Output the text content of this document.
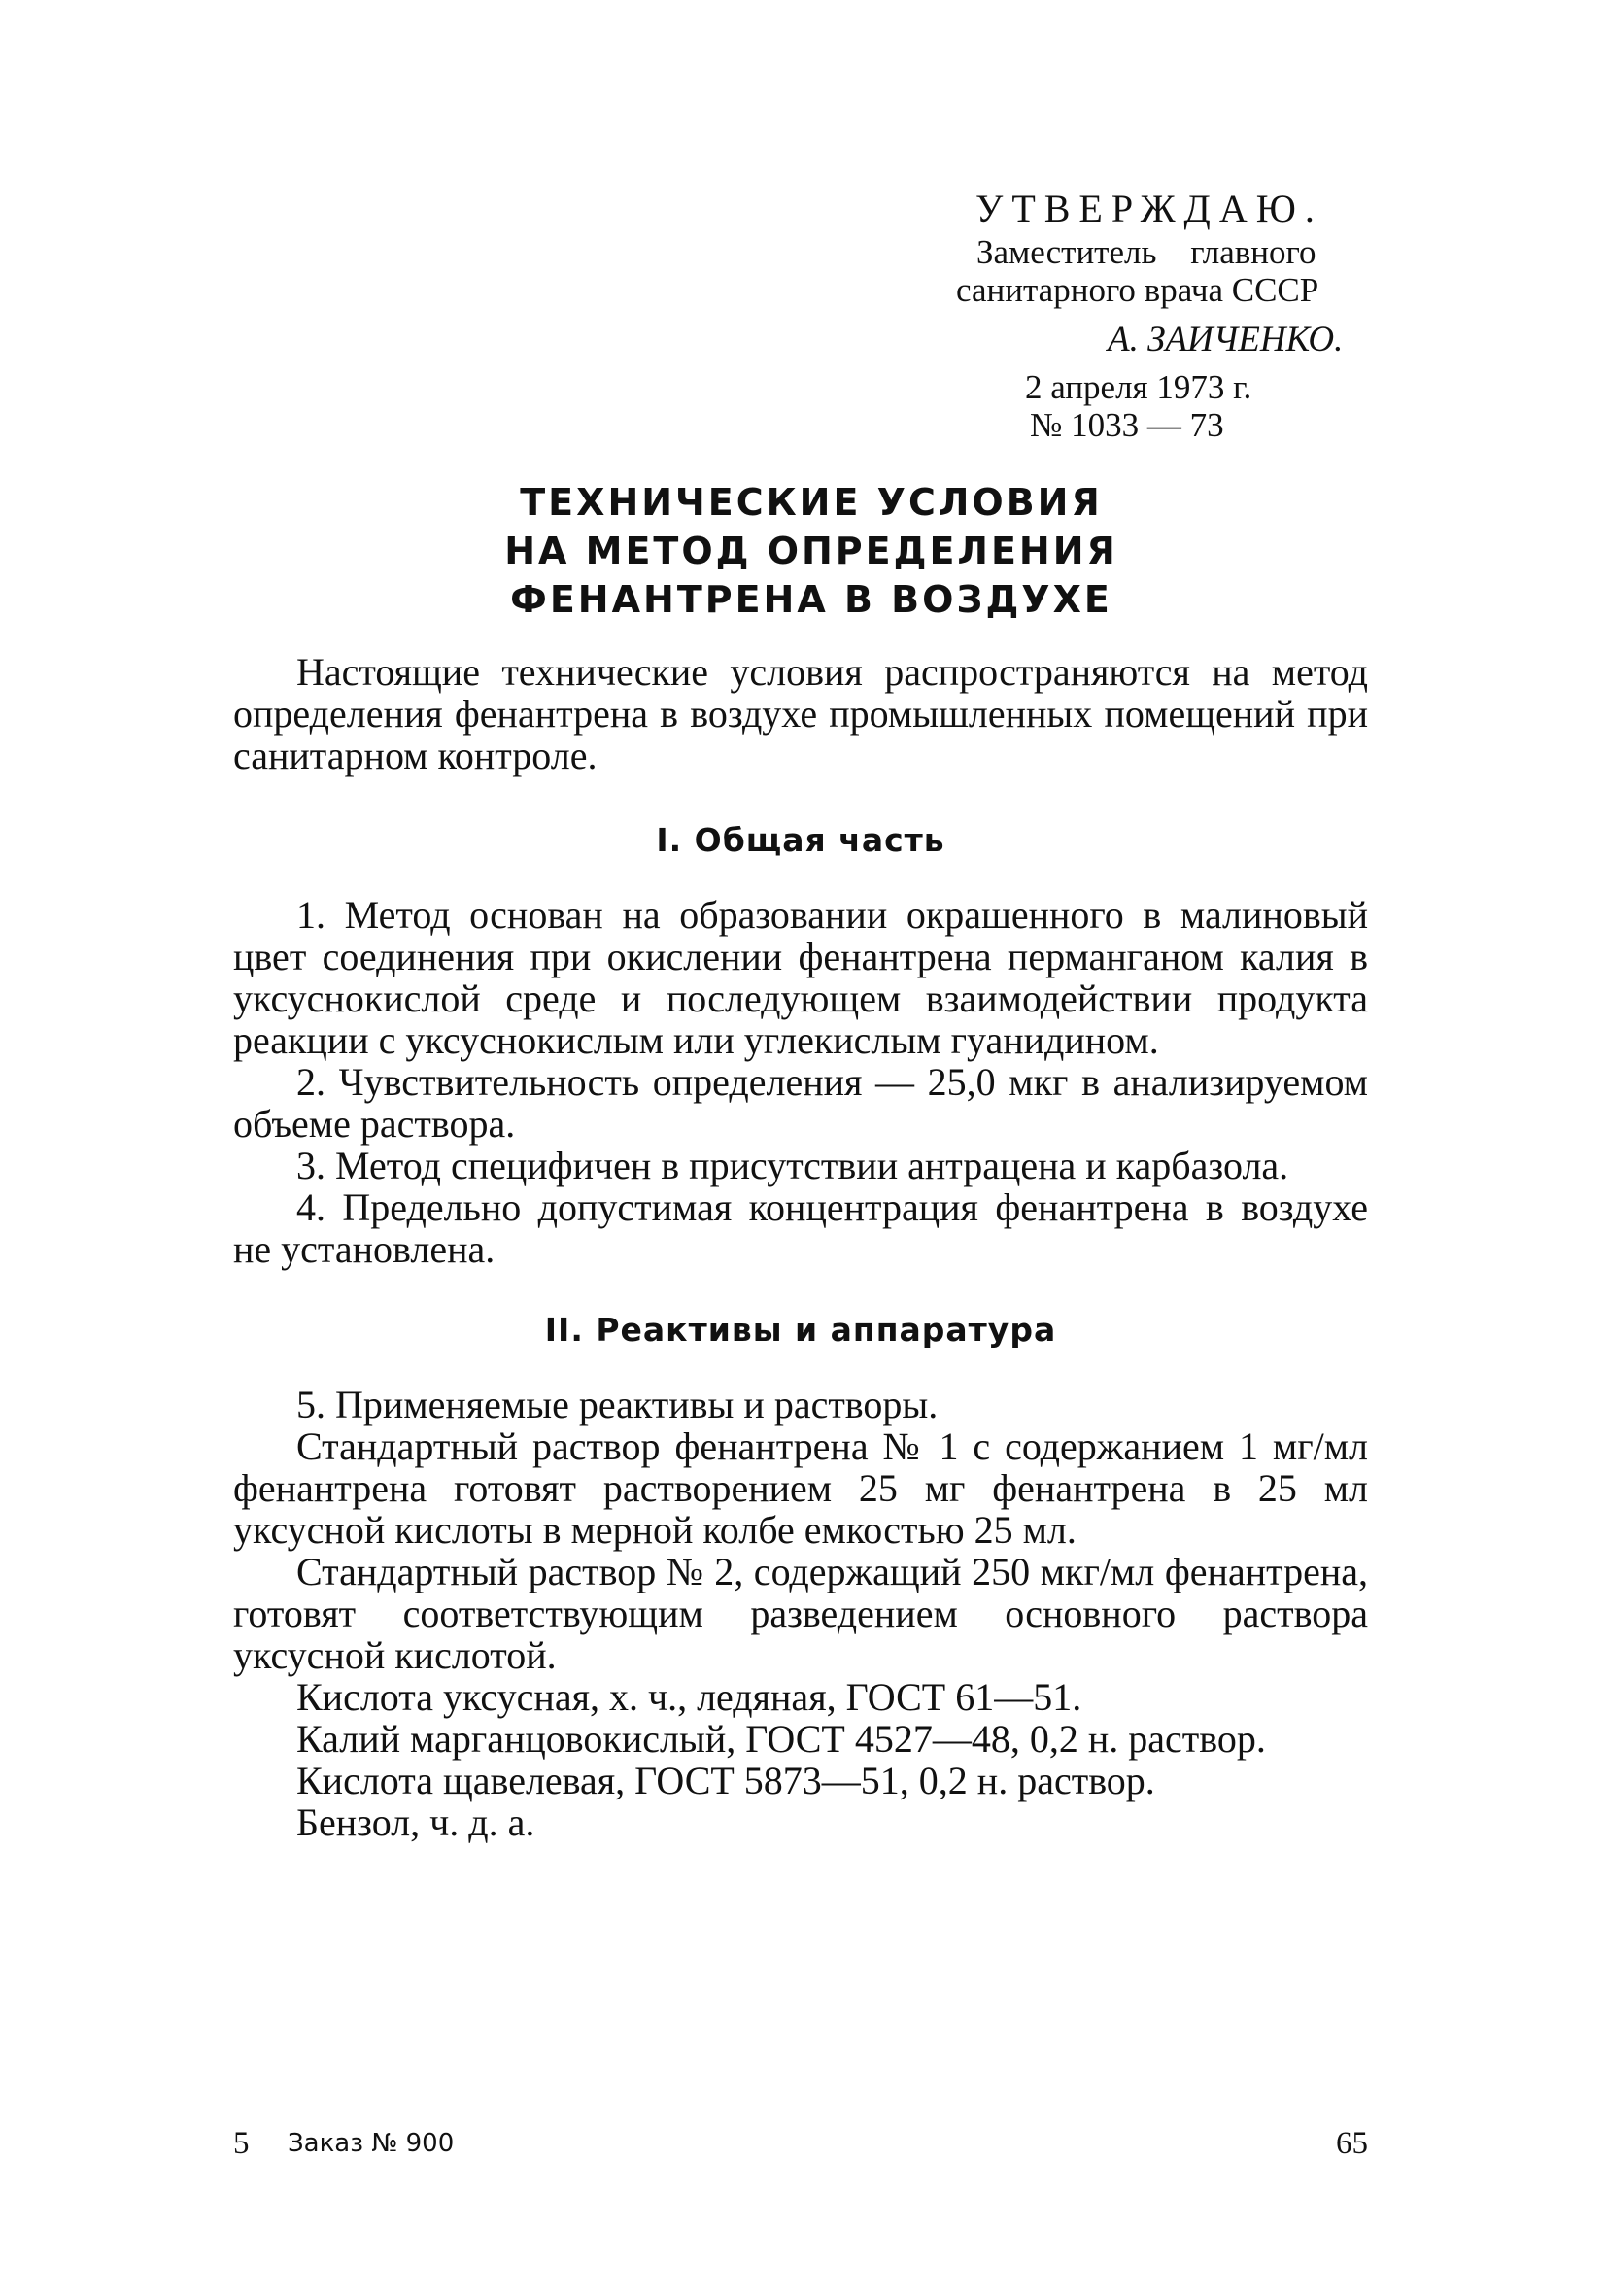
УТВЕРЖДАЮ.
Заместитель главного
санитарного врача СССР
А. ЗАИЧЕНКО.
2 апреля 1973 г.
№ 1033 — 73
ТЕХНИЧЕСКИЕ УСЛОВИЯ
НА МЕТОД ОПРЕДЕЛЕНИЯ
ФЕНАНТРЕНА В ВОЗДУХЕ

Настоящие технические условия распространяются на метод определения фенантрена в воздухе промышленных помещений при санитарном контроле.

I. Общая часть

1. Метод основан на образовании окрашенного в малиновый цвет соединения при окислении фенантрена перманганом калия в уксуснокислой среде и последующем взаимодействии продукта реакции с уксуснокислым или углекислым гуанидином.

2. Чувствительность определения — 25,0 мкг в анализируемом объеме раствора.

3. Метод специфичен в присутствии антрацена и карбазола.

4. Предельно допустимая концентрация фенантрена в воздухе не установлена.

II. Реактивы и аппаратура

5. Применяемые реактивы и растворы.

Стандартный раствор фенантрена № 1 с содержанием 1 мг/мл фенантрена готовят растворением 25 мг фенантрена в 25 мл уксусной кислоты в мерной колбе емкостью 25 мл.

Стандартный раствор № 2, содержащий 250 мкг/мл фенантрена, готовят соответствующим разведением основного раствора уксусной кислотой.

Кислота уксусная, х. ч., ледяная, ГОСТ 61—51.

Калий марганцовокислый, ГОСТ 4527—48, 0,2 н. раствор.

Кислота щавелевая, ГОСТ 5873—51, 0,2 н. раствор.

Бензол, ч. д. а.

5 Заказ № 900	65
